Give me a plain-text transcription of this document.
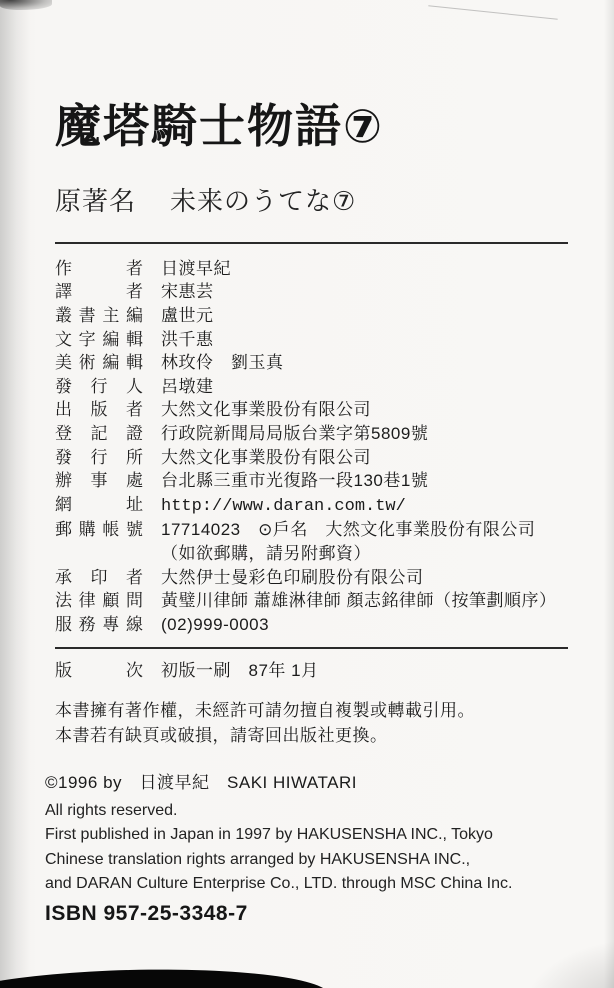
魔塔騎士物語⑦
原著名 未来のうてな⑦
作	者 日渡早紀
譯	者 宋惠芸
叢 書 主 編 盧世元
文 字 編 輯 洪千惠
美 術 編 輯 林玫伶　劉玉真
發 行 人 呂墩建
出 版 者 大然文化事業股份有限公司
登 記 證 行政院新聞局局版台業字第5809號
發 行 所 大然文化事業股份有限公司
辦 事 處 台北縣三重市光復路一段130巷1號
網	址 http://www.daran.com.tw/
郵 購 帳 號 17714023　⊙戶名　大然文化事業股份有限公司
（如欲郵購，請另附郵資）
承 印 者 大然伊士曼彩色印刷股份有限公司
法 律 顧 問 黃璧川律師 蕭雄淋律師 顏志銘律師（按筆劃順序）
服 務 專 線 (02)999-0003
版	次 初版一刷　87年 1月
本書擁有著作權，未經許可請勿擅自複製或轉載引用。
本書若有缺頁或破損，請寄回出版社更換。
©1996 by　日渡早紀　SAKI HIWATARI
All rights reserved.
First published in Japan in 1997 by HAKUSENSHA INC., Tokyo
Chinese translation rights arranged by HAKUSENSHA INC.,
and DARAN Culture Enterprise Co., LTD. through MSC China Inc.
ISBN 957-25-3348-7
